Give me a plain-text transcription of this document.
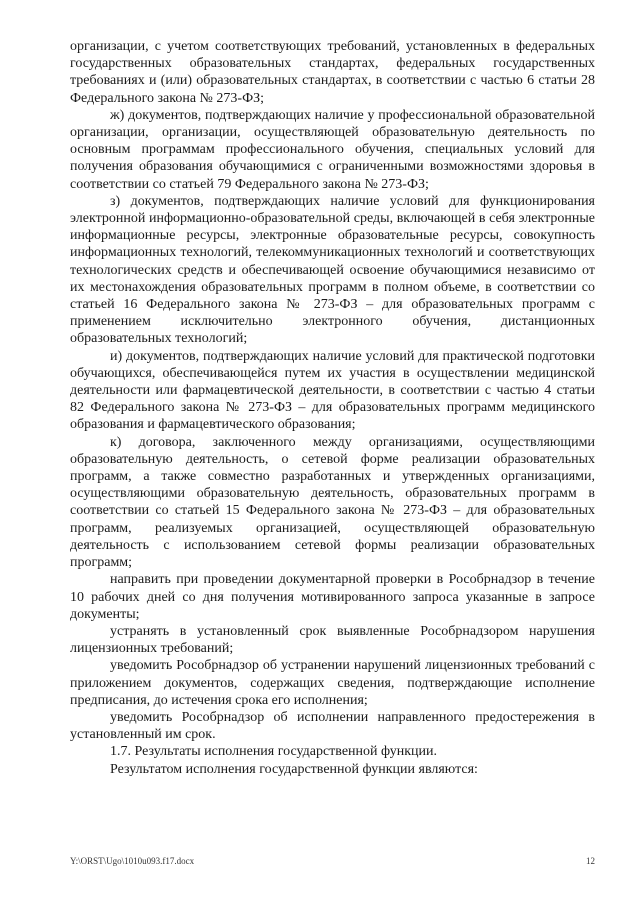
организации, с учетом соответствующих требований, установленных в федеральных государственных образовательных стандартах, федеральных государственных требованиях и (или) образовательных стандартах, в соответствии с частью 6 статьи 28 Федерального закона № 273-ФЗ;

ж) документов, подтверждающих наличие у профессиональной образовательной организации, организации, осуществляющей образовательную деятельность по основным программам профессионального обучения, специальных условий для получения образования обучающимися с ограниченными возможностями здоровья в соответствии со статьей 79 Федерального закона № 273-ФЗ;

з) документов, подтверждающих наличие условий для функционирования электронной информационно-образовательной среды, включающей в себя электронные информационные ресурсы, электронные образовательные ресурсы, совокупность информационных технологий, телекоммуникационных технологий и соответствующих технологических средств и обеспечивающей освоение обучающимися независимо от их местонахождения образовательных программ в полном объеме, в соответствии со статьей 16 Федерального закона № 273-ФЗ – для образовательных программ с применением исключительно электронного обучения, дистанционных образовательных технологий;

и) документов, подтверждающих наличие условий для практической подготовки обучающихся, обеспечивающейся путем их участия в осуществлении медицинской деятельности или фармацевтической деятельности, в соответствии с частью 4 статьи 82 Федерального закона № 273-ФЗ – для образовательных программ медицинского образования и фармацевтического образования;

к) договора, заключенного между организациями, осуществляющими образовательную деятельность, о сетевой форме реализации образовательных программ, а также совместно разработанных и утвержденных организациями, осуществляющими образовательную деятельность, образовательных программ в соответствии со статьей 15 Федерального закона № 273-ФЗ – для образовательных программ, реализуемых организацией, осуществляющей образовательную деятельность с использованием сетевой формы реализации образовательных программ;

направить при проведении документарной проверки в Рособрнадзор в течение 10 рабочих дней со дня получения мотивированного запроса указанные в запросе документы;

устранять в установленный срок выявленные Рособрнадзором нарушения лицензионных требований;

уведомить Рособрнадзор об устранении нарушений лицензионных требований с приложением документов, содержащих сведения, подтверждающие исполнение предписания, до истечения срока его исполнения;

уведомить Рособрнадзор об исполнении направленного предостережения в установленный им срок.

1.7. Результаты исполнения государственной функции.

Результатом исполнения государственной функции являются:

Y:\ORST\Ugo\1010u093.f17.docx	12
